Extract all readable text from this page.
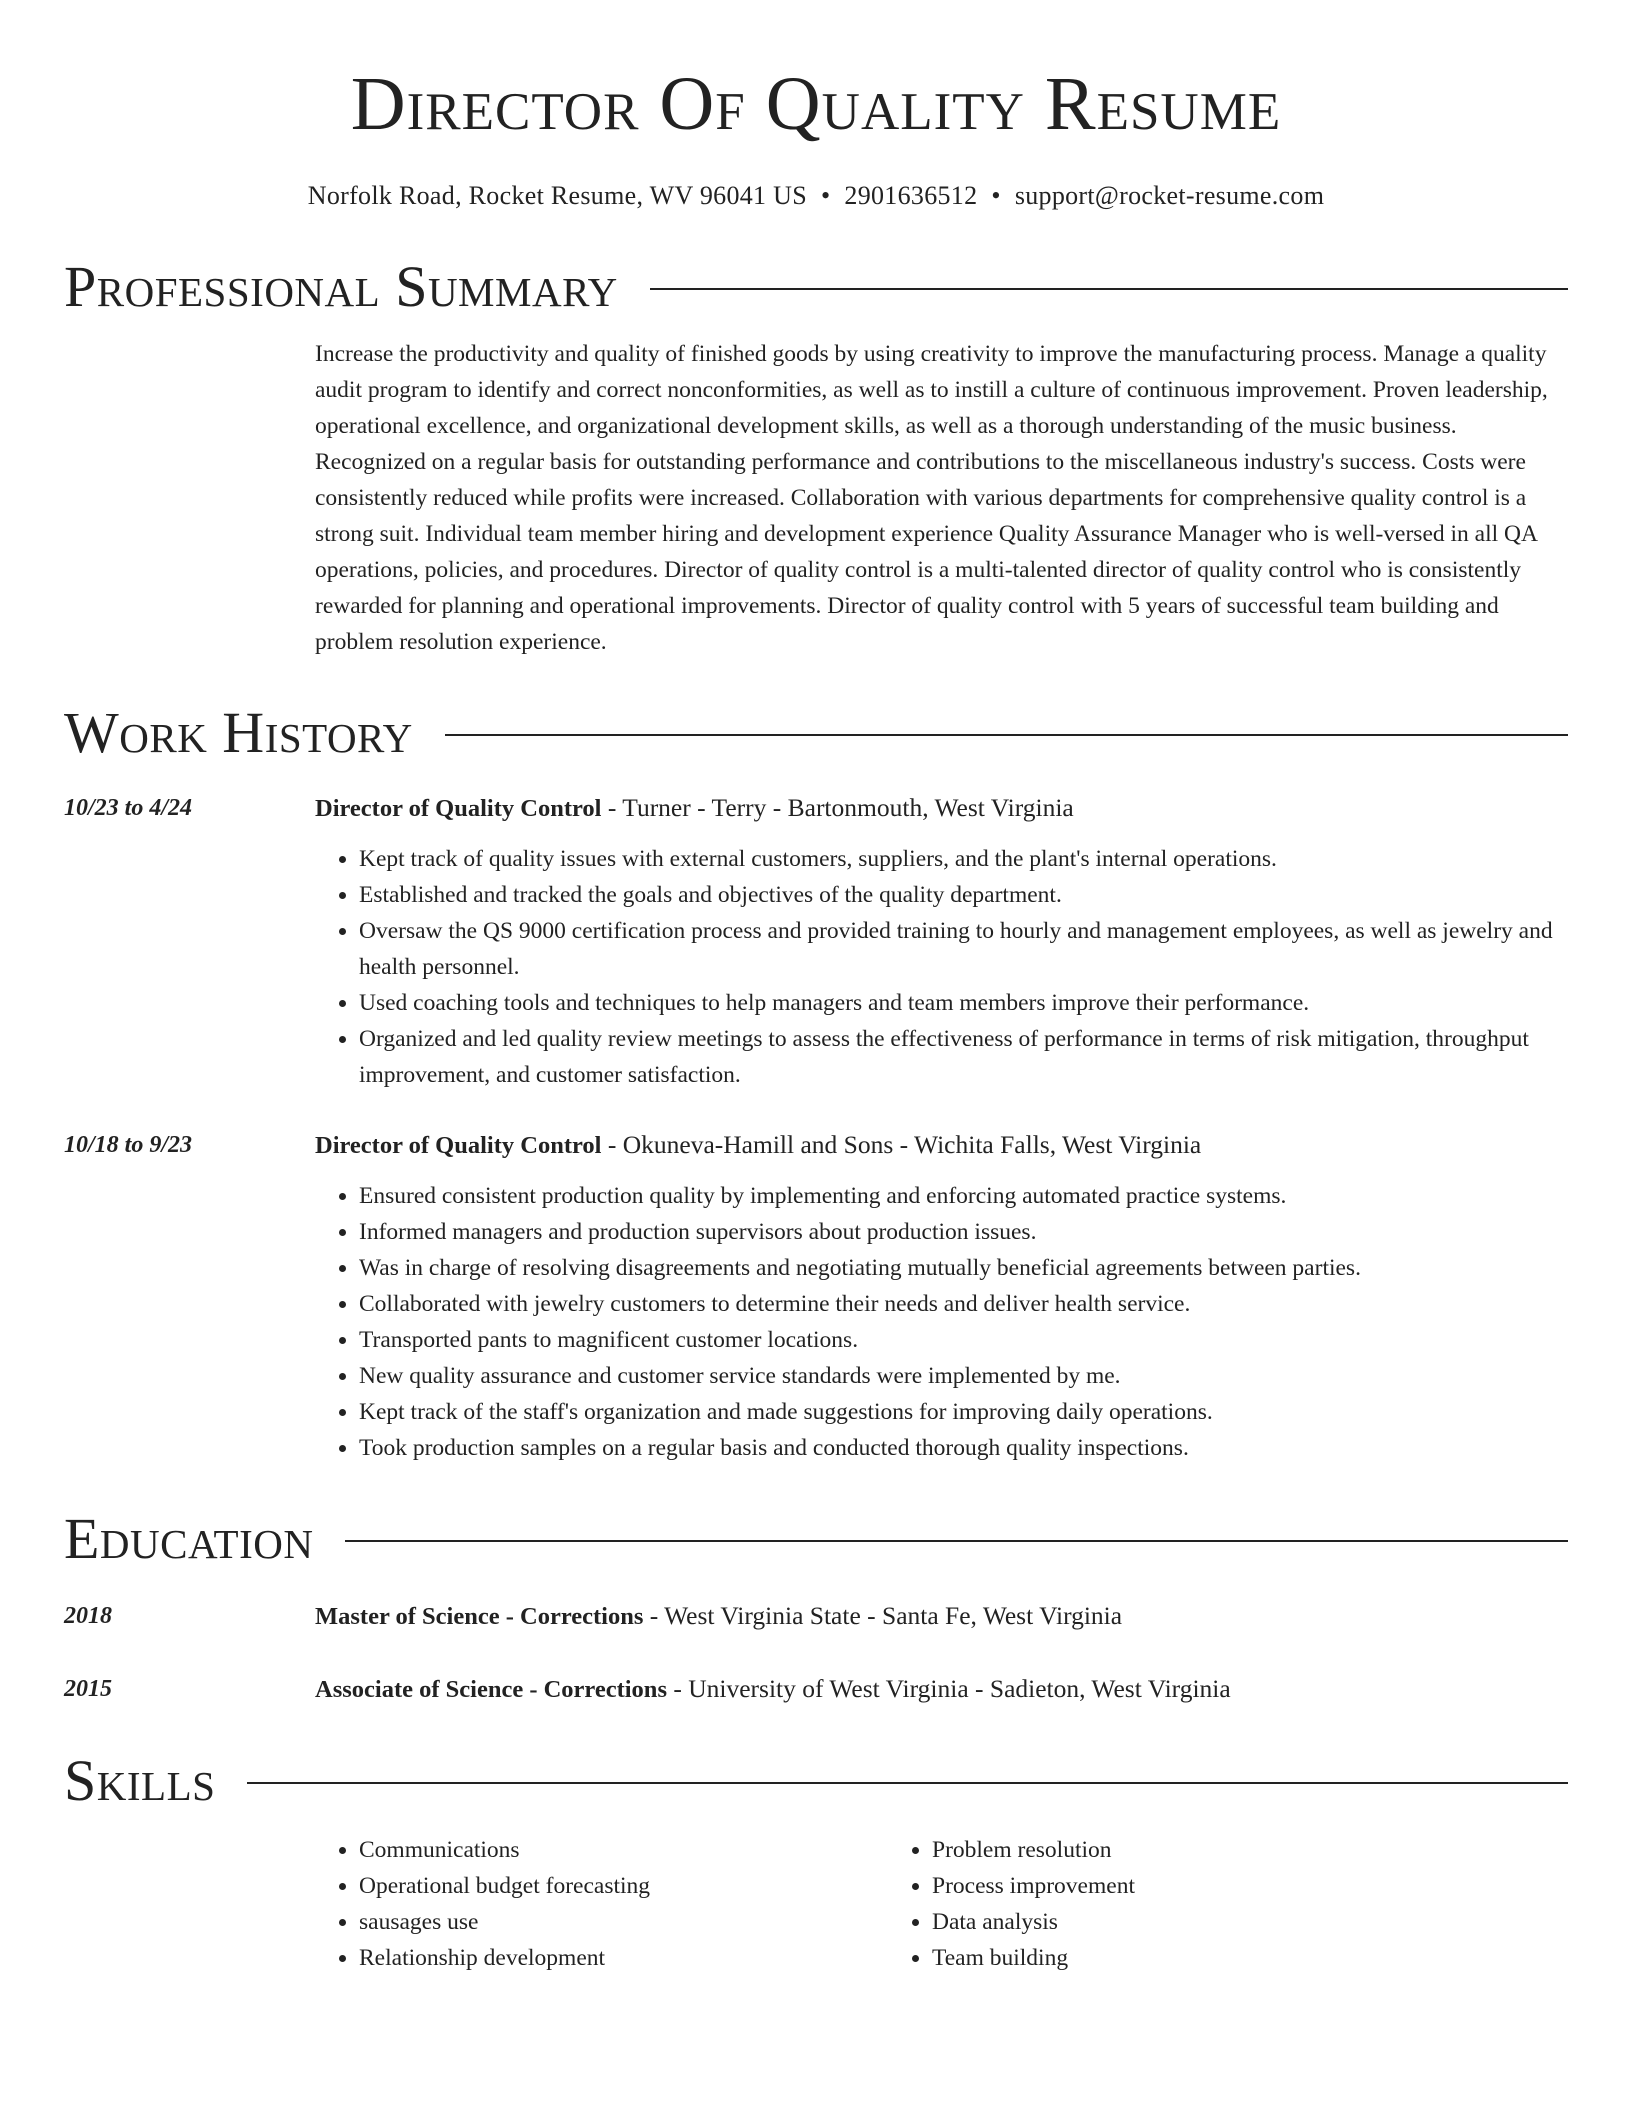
Director Of Quality Resume
Norfolk Road, Rocket Resume, WV 96041 US • 2901636512 • support@rocket-resume.com
Professional Summary
Increase the productivity and quality of finished goods by using creativity to improve the manufacturing process. Manage a quality audit program to identify and correct nonconformities, as well as to instill a culture of continuous improvement. Proven leadership, operational excellence, and organizational development skills, as well as a thorough understanding of the music business. Recognized on a regular basis for outstanding performance and contributions to the miscellaneous industry's success. Costs were consistently reduced while profits were increased. Collaboration with various departments for comprehensive quality control is a strong suit. Individual team member hiring and development experience Quality Assurance Manager who is well-versed in all QA operations, policies, and procedures. Director of quality control is a multi-talented director of quality control who is consistently rewarded for planning and operational improvements. Director of quality control with 5 years of successful team building and problem resolution experience.
Work History
10/23 to 4/24	Director of Quality Control - Turner - Terry - Bartonmouth, West Virginia
• Kept track of quality issues with external customers, suppliers, and the plant's internal operations.
• Established and tracked the goals and objectives of the quality department.
• Oversaw the QS 9000 certification process and provided training to hourly and management employees, as well as jewelry and health personnel.
• Used coaching tools and techniques to help managers and team members improve their performance.
• Organized and led quality review meetings to assess the effectiveness of performance in terms of risk mitigation, throughput improvement, and customer satisfaction.
10/18 to 9/23	Director of Quality Control - Okuneva-Hamill and Sons - Wichita Falls, West Virginia
• Ensured consistent production quality by implementing and enforcing automated practice systems.
• Informed managers and production supervisors about production issues.
• Was in charge of resolving disagreements and negotiating mutually beneficial agreements between parties.
• Collaborated with jewelry customers to determine their needs and deliver health service.
• Transported pants to magnificent customer locations.
• New quality assurance and customer service standards were implemented by me.
• Kept track of the staff's organization and made suggestions for improving daily operations.
• Took production samples on a regular basis and conducted thorough quality inspections.
Education
2018	Master of Science - Corrections - West Virginia State - Santa Fe, West Virginia
2015	Associate of Science - Corrections - University of West Virginia - Sadieton, West Virginia
Skills
• Communications
• Operational budget forecasting
• sausages use
• Relationship development
• Problem resolution
• Process improvement
• Data analysis
• Team building
